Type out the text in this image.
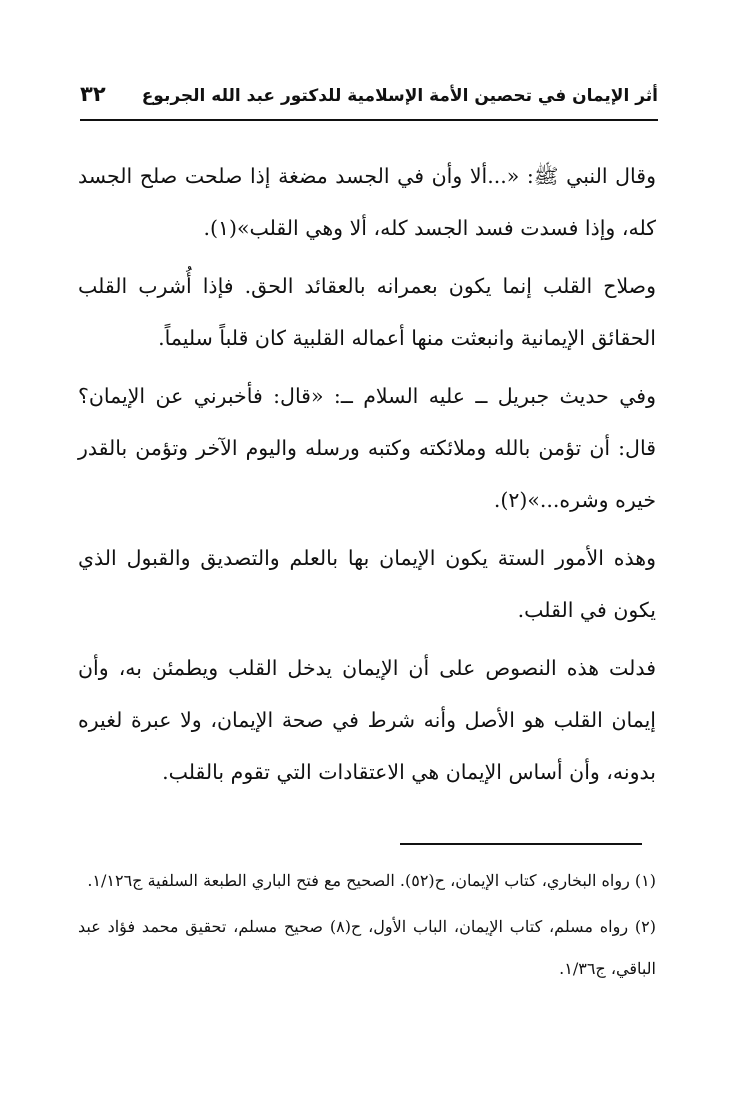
أثر الإيمان في تحصين الأمة الإسلامية للدكتور عبد الله الجربوع
٣٢

وقال النبي ﷺ: «...ألا وأن في الجسد مضغة إذا صلحت صلح الجسد كله، وإذا فسدت فسد الجسد كله، ألا وهي القلب»(١).

وصلاح القلب إنما يكون بعمرانه بالعقائد الحق. فإذا أُشرب القلب الحقائق الإيمانية وانبعثت منها أعماله القلبية كان قلباً سليماً.

وفي حديث جبريل ــ عليه السلام ــ: «قال: فأخبرني عن الإيمان؟ قال: أن تؤمن بالله وملائكته وكتبه ورسله واليوم الآخر وتؤمن بالقدر خيره وشره...»(٢).

وهذه الأمور الستة يكون الإيمان بها بالعلم والتصديق والقبول الذي يكون في القلب.

فدلت هذه النصوص على أن الإيمان يدخل القلب ويطمئن به، وأن إيمان القلب هو الأصل وأنه شرط في صحة الإيمان، ولا عبرة لغيره بدونه، وأن أساس الإيمان هي الاعتقادات التي تقوم بالقلب.

(١) رواه البخاري، كتاب الإيمان، ح(٥٢). الصحيح مع فتح الباري الطبعة السلفية ج١/١٢٦.

(٢) رواه مسلم، كتاب الإيمان، الباب الأول، ح(٨) صحيح مسلم، تحقيق محمد فؤاد عبد الباقي، ج١/٣٦.
